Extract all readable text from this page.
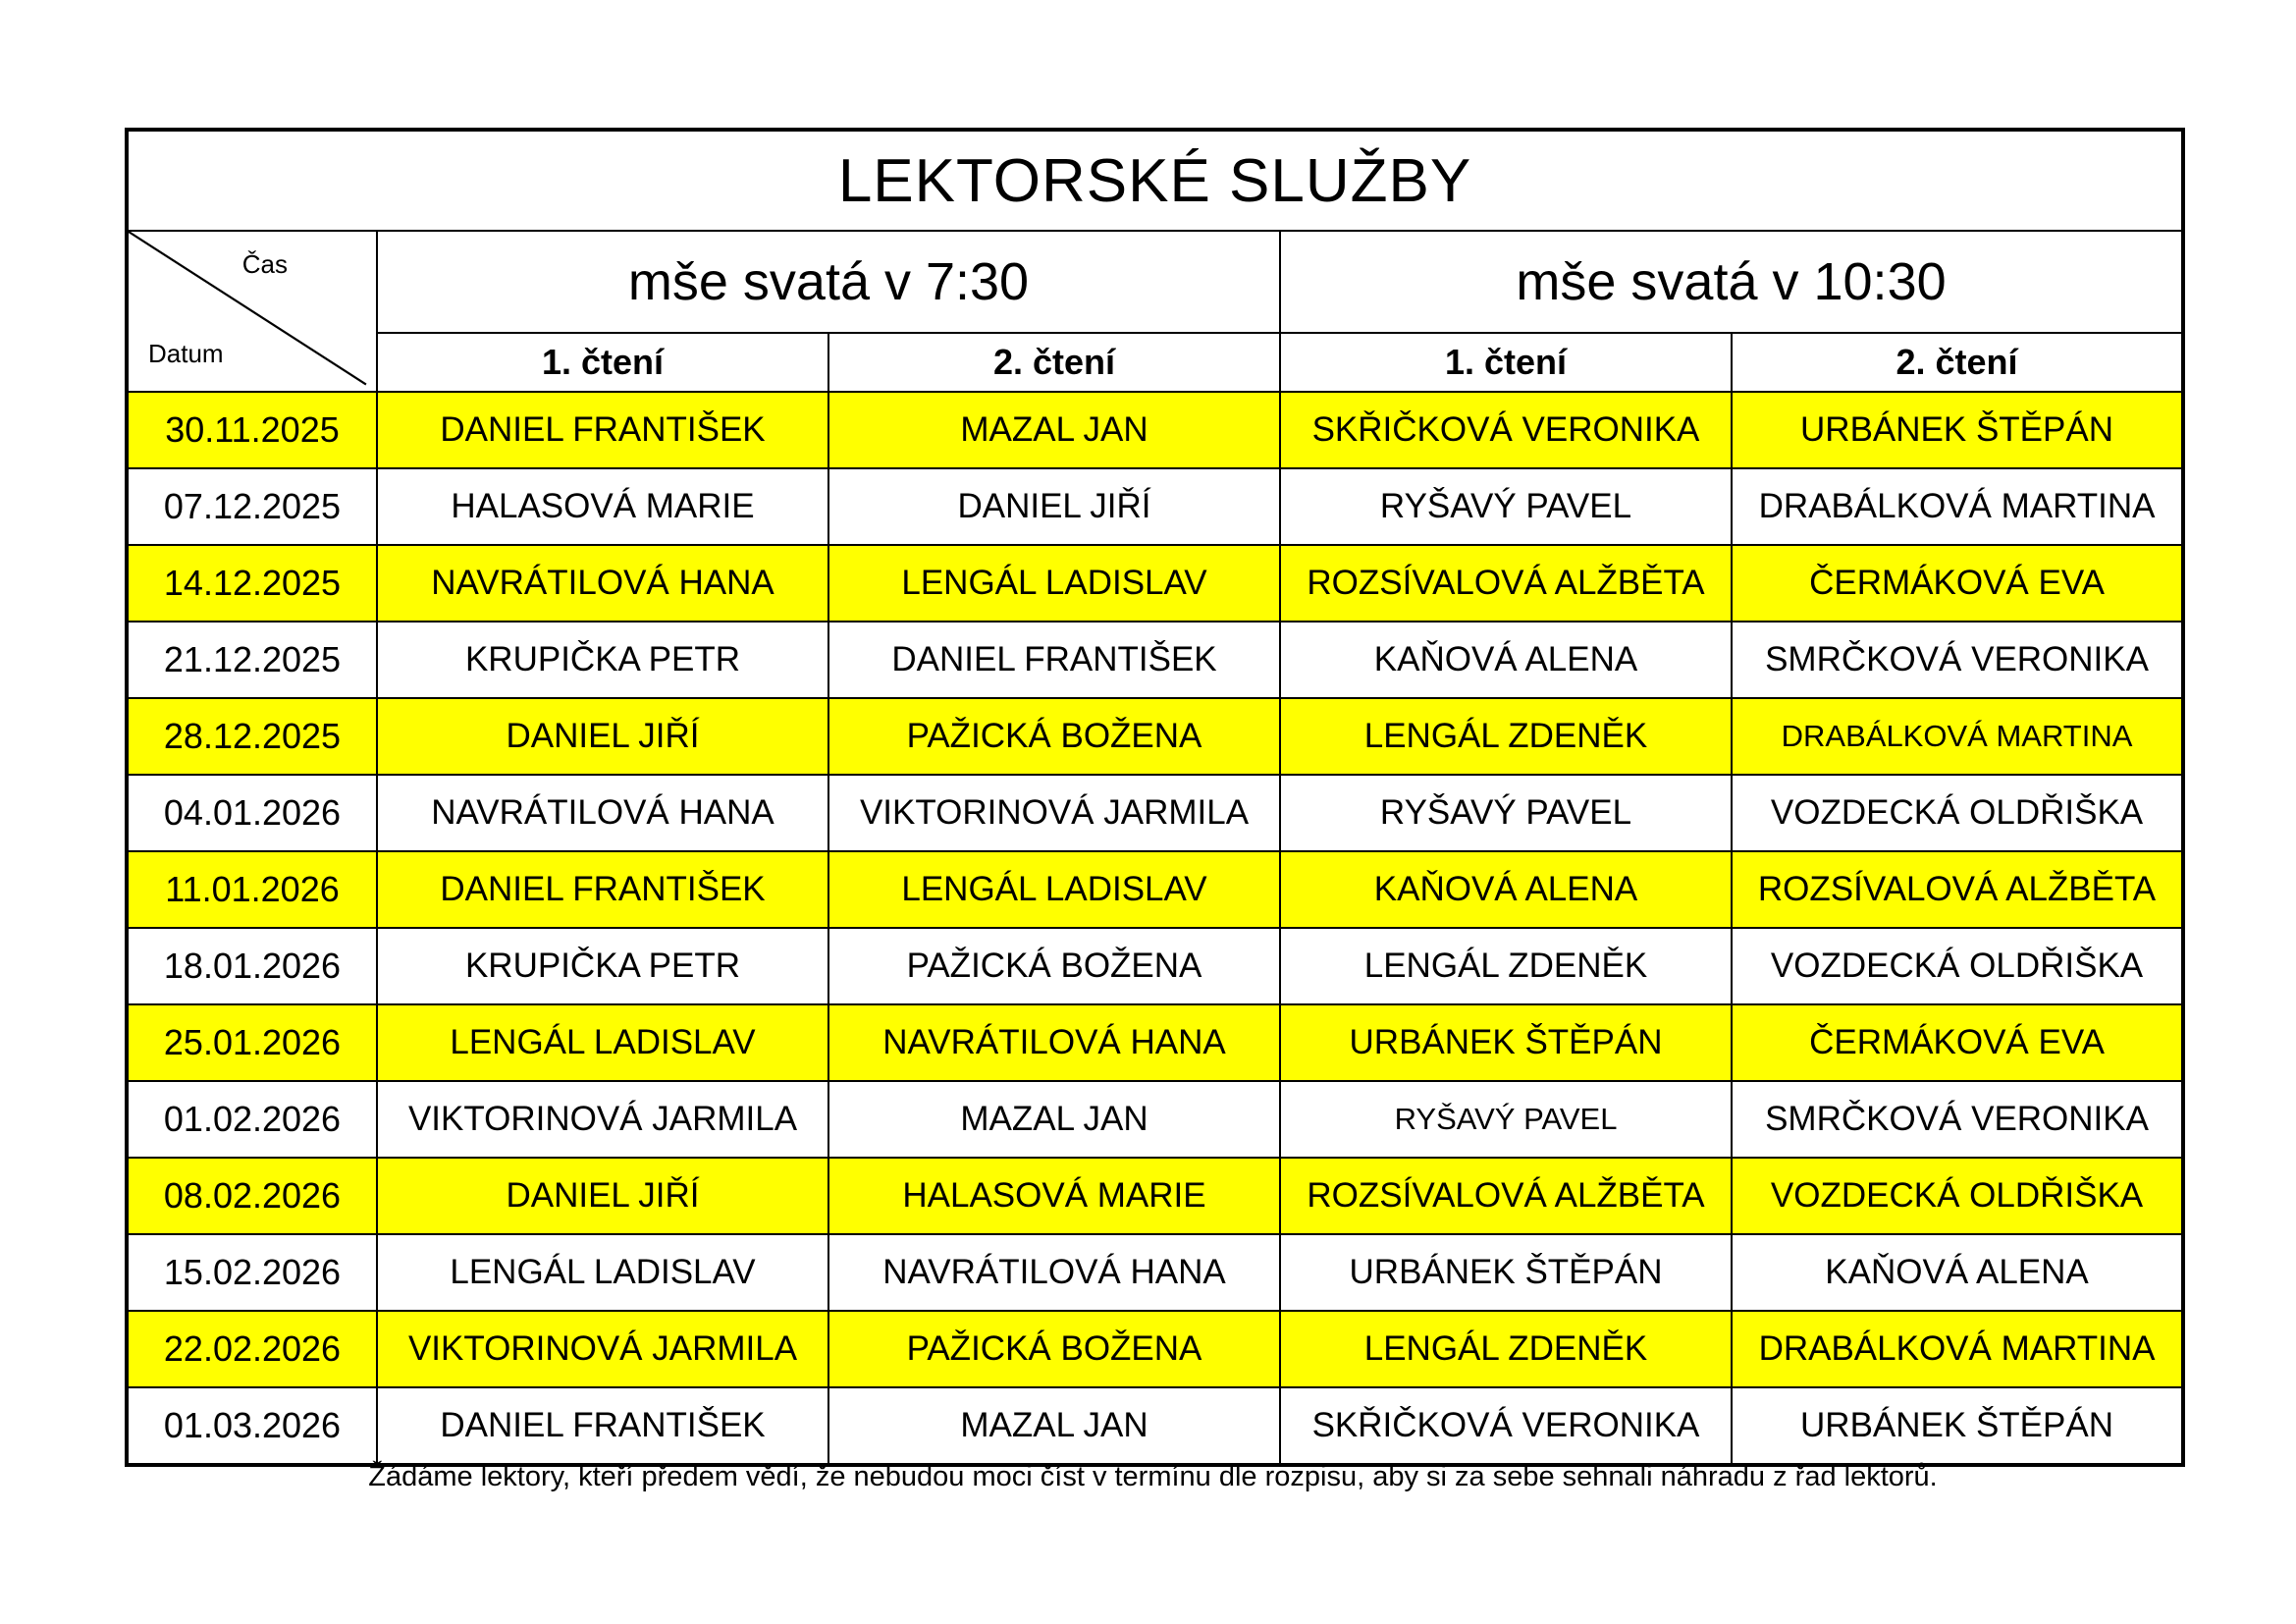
LEKTORSKÉ SLUŽBY				

Čas
Datum	mše svatá v 7:30		mše svatá v 10:30	
	1. čtení	2. čtení	1. čtení	2. čtení
30.11.2025	DANIEL FRANTIŠEK	MAZAL JAN	SKŘIČKOVÁ VERONIKA	URBÁNEK ŠTĚPÁN
07.12.2025	HALASOVÁ MARIE	DANIEL JIŘÍ	RYŠAVÝ PAVEL	DRABÁLKOVÁ MARTINA
14.12.2025	NAVRÁTILOVÁ HANA	LENGÁL LADISLAV	ROZSÍVALOVÁ ALŽBĚTA	ČERMÁKOVÁ EVA
21.12.2025	KRUPIČKA PETR	DANIEL FRANTIŠEK	KAŇOVÁ ALENA	SMRČKOVÁ VERONIKA
28.12.2025	DANIEL JIŘÍ	PAŽICKÁ BOŽENA	LENGÁL ZDENĚK	DRABÁLKOVÁ MARTINA
04.01.2026	NAVRÁTILOVÁ HANA	VIKTORINOVÁ JARMILA	RYŠAVÝ PAVEL	VOZDECKÁ OLDŘIŠKA
11.01.2026	DANIEL FRANTIŠEK	LENGÁL LADISLAV	KAŇOVÁ ALENA	ROZSÍVALOVÁ ALŽBĚTA
18.01.2026	KRUPIČKA PETR	PAŽICKÁ BOŽENA	LENGÁL ZDENĚK	VOZDECKÁ OLDŘIŠKA
25.01.2026	LENGÁL LADISLAV	NAVRÁTILOVÁ HANA	URBÁNEK ŠTĚPÁN	ČERMÁKOVÁ EVA
01.02.2026	VIKTORINOVÁ JARMILA	MAZAL JAN	RYŠAVÝ PAVEL	SMRČKOVÁ VERONIKA
08.02.2026	DANIEL JIŘÍ	HALASOVÁ MARIE	ROZSÍVALOVÁ ALŽBĚTA	VOZDECKÁ OLDŘIŠKA
15.02.2026	LENGÁL LADISLAV	NAVRÁTILOVÁ HANA	URBÁNEK ŠTĚPÁN	KAŇOVÁ ALENA
22.02.2026	VIKTORINOVÁ JARMILA	PAŽICKÁ BOŽENA	LENGÁL ZDENĚK	DRABÁLKOVÁ MARTINA
01.03.2026	DANIEL FRANTIŠEK	MAZAL JAN	SKŘIČKOVÁ VERONIKA	URBÁNEK ŠTĚPÁN
Žádáme lektory, kteří předem vědí, že nebudou moci číst v termínu dle rozpisu, aby si za sebe sehnali náhradu z řad lektorů.
